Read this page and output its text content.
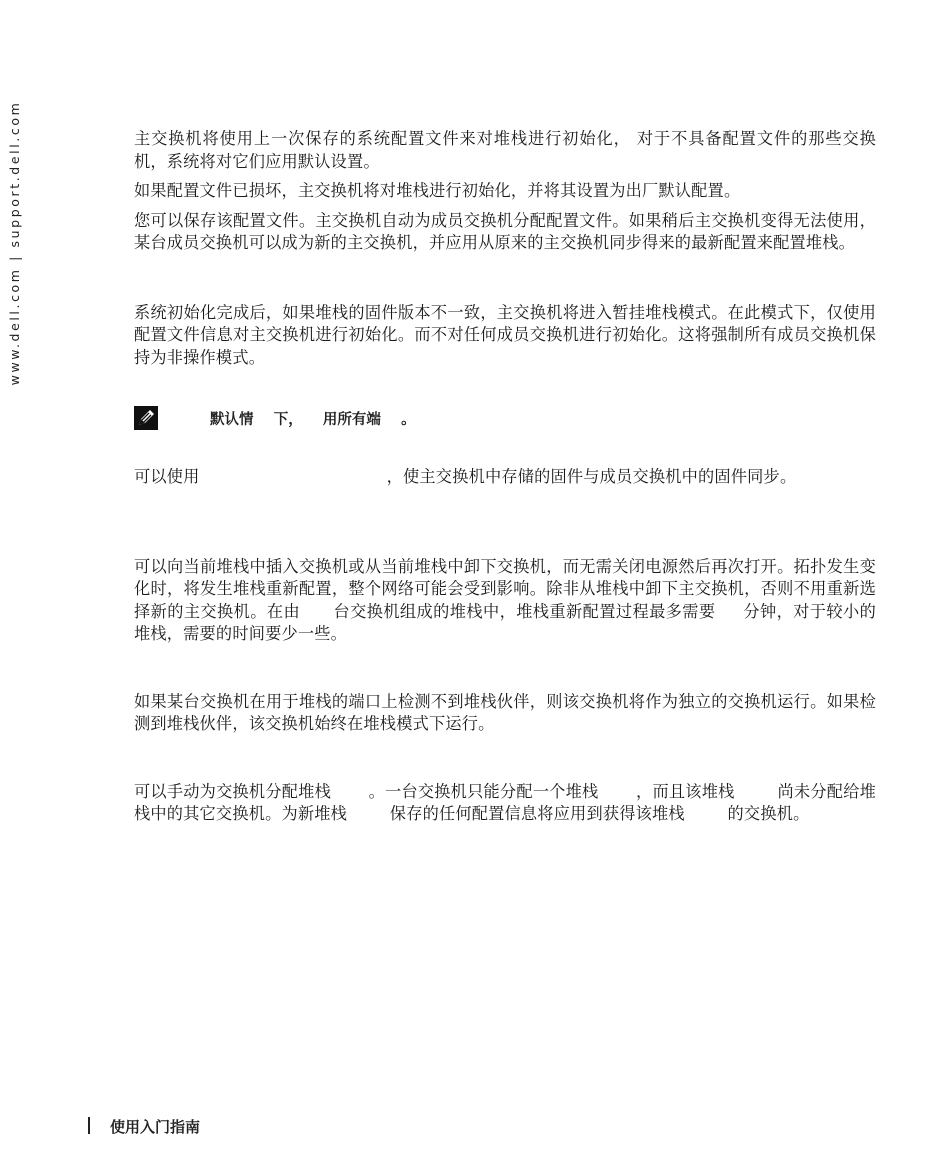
www.dell.com | support.dell.com	主交换机将使用上一次保存的系统配置文件来对堆栈进行初始化， 对于不具备配置文件的那些交换机，系统将对它们应用默认设置。

如果配置文件已损坏，主交换机将对堆栈进行初始化，并将其设置为出厂默认配置。

您可以保存该配置文件。主交换机自动为成员交换机分配配置文件。如果稍后主交换机变得无法使用，某台成员交换机可以成为新的主交换机，并应用从原来的主交换机同步得来的最新配置来配置堆栈。

系统初始化完成后，如果堆栈的固件版本不一致，主交换机将进入暂挂堆栈模式。在此模式下，仅使用配置文件信息对主交换机进行初始化。而不对任何成员交换机进行初始化。这将强制所有成员交换机保持为非操作模式。

可以使用                                   ，使主交换机中存储的固件与成员交换机中的固件同步。

可以向当前堆栈中插入交换机或从当前堆栈中卸下交换机，而无需关闭电源然后再次打开。拓扑发生变化时，将发生堆栈重新配置，整个网络可能会受到影响。除非从堆栈中卸下主交换机，否则不用重新选择新的主交换机。在由      台交换机组成的堆栈中，堆栈重新配置过程最多需要     分钟，对于较小的堆栈，需要的时间要少一些。

如果某台交换机在用于堆栈的端口上检测不到堆栈伙伴，则该交换机将作为独立的交换机运行。如果检测到堆栈伙伴，该交换机始终在堆栈模式下运行。

可以手动为交换机分配堆栈       。一台交换机只能分配一个堆栈       ，而且该堆栈        尚未分配给堆栈中的其它交换机。为新堆栈        保存的任何配置信息将应用到获得该堆栈        的交换机。

默认情    下，    用所有端    。
使用入门指南
